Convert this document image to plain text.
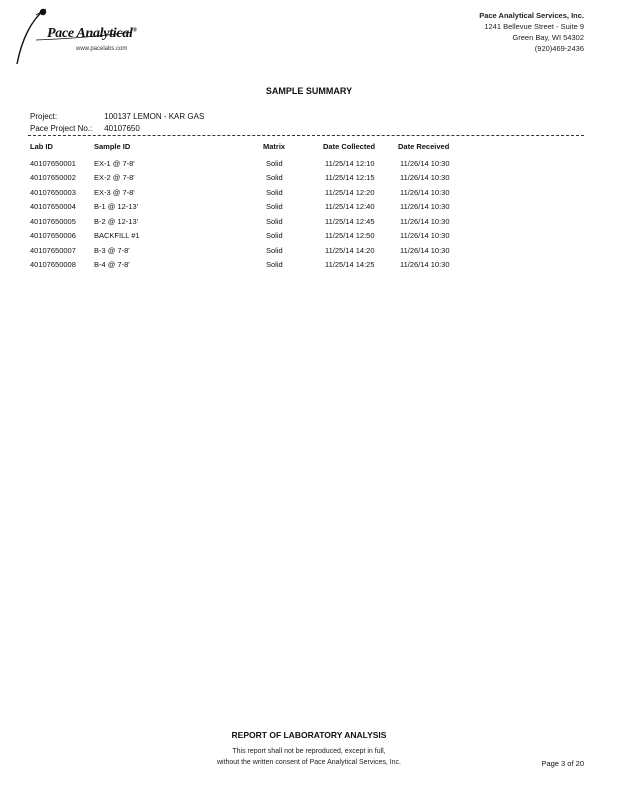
Pace Analytical®
www.pacelabs.com
Pace Analytical Services, Inc.
1241 Bellevue Street - Suite 9
Green Bay, WI 54302
(920)469-2436
SAMPLE SUMMARY
Project:	100137 LEMON - KAR GAS
Pace Project No.: 40107650
Lab ID	Sample ID	Matrix	Date Collected	Date Received
40107650001	EX-1 @ 7-8'	Solid	11/25/14 12:10	11/26/14 10:30
40107650002	EX-2 @ 7-8'	Solid	11/25/14 12:15	11/26/14 10:30
40107650003	EX-3 @ 7-8'	Solid	11/25/14 12:20	11/26/14 10:30
40107650004	B-1 @ 12-13'	Solid	11/25/14 12:40	11/26/14 10:30
40107650005	B-2 @ 12-13'	Solid	11/25/14 12:45	11/26/14 10:30
40107650006	BACKFILL #1	Solid	11/25/14 12:50	11/26/14 10:30
40107650007	B-3 @ 7-8'	Solid	11/25/14 14:20	11/26/14 10:30
40107650008	B-4 @ 7-8'	Solid	11/25/14 14:25	11/26/14 10:30
REPORT OF LABORATORY ANALYSIS
This report shall not be reproduced, except in full,
without the written consent of Pace Analytical Services, Inc.	Page 3 of 20
